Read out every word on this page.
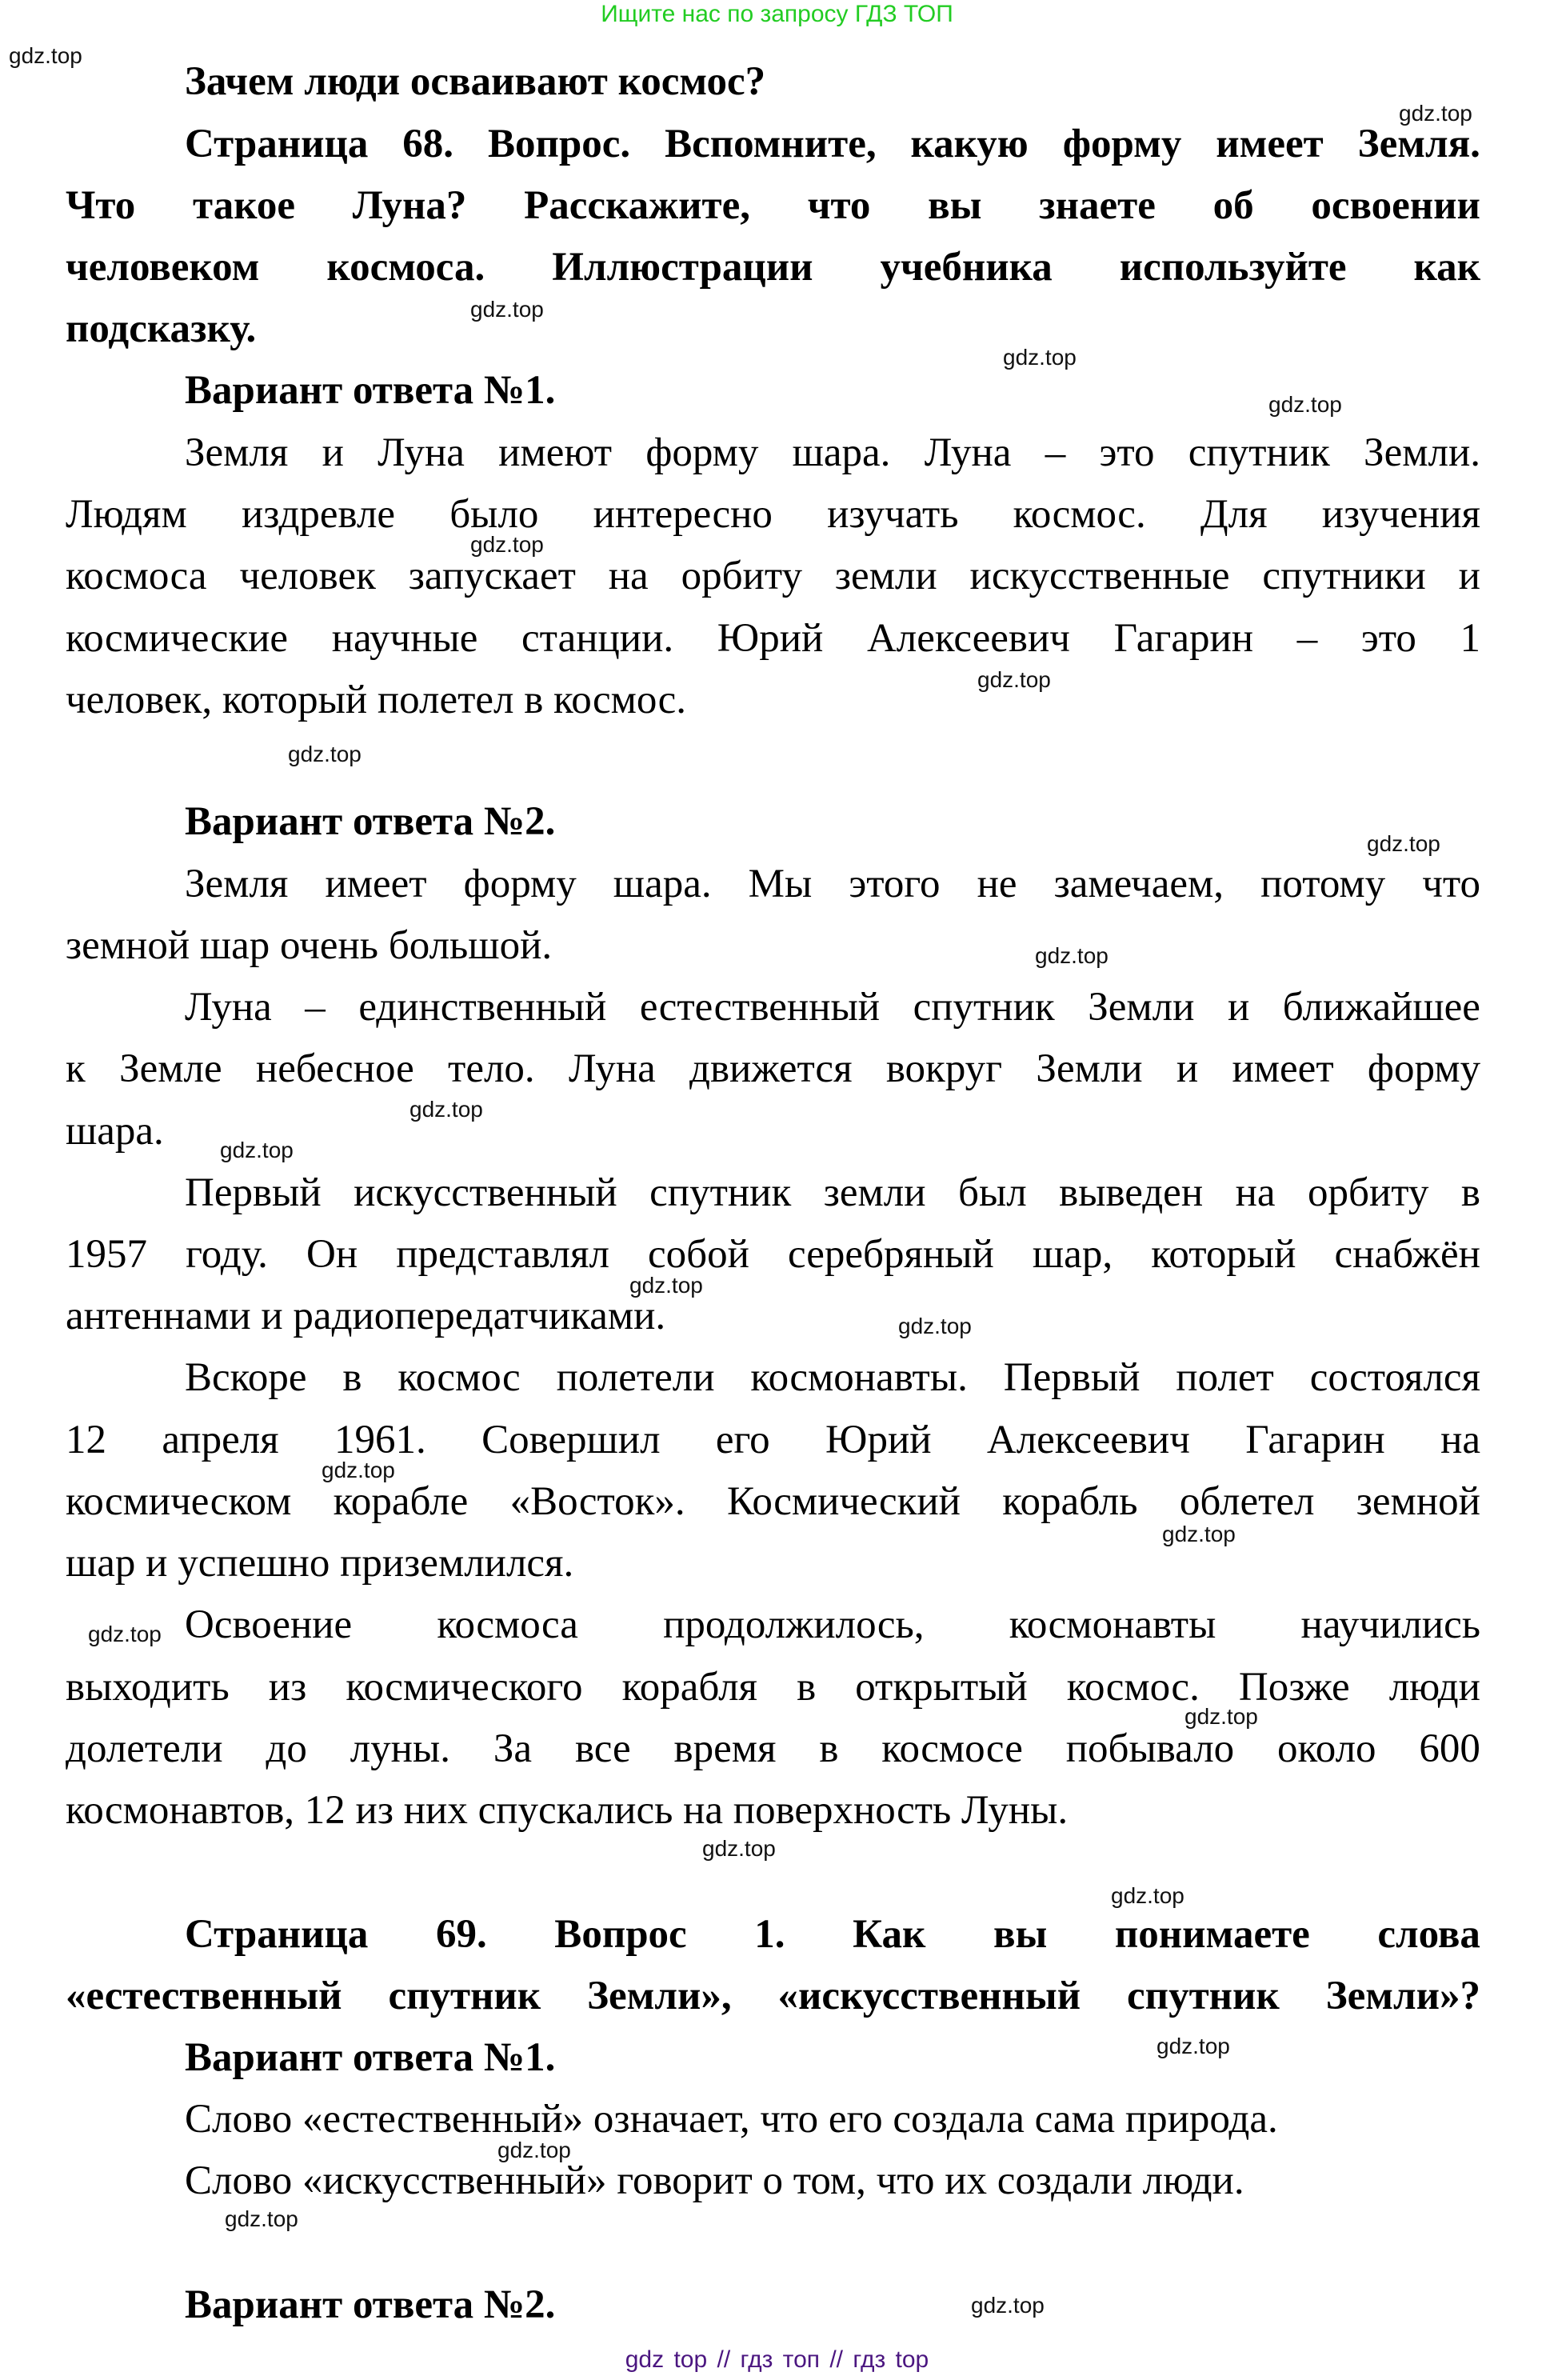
Ищите нас по запросу ГДЗ ТОП
Зачем люди осваивают космос?
Страница 68. Вопрос. Вспомните, какую форму имеет Земля.
Что такое Луна? Расскажите, что вы знаете об освоении
человеком космоса. Иллюстрации учебника используйте как
подсказку.
Вариант ответа №1.
Земля и Луна имеют форму шара. Луна – это спутник Земли.
Людям издревле было интересно изучать космос. Для изучения
космоса человек запускает на орбиту земли искусственные спутники и
космические научные станции. Юрий Алексеевич Гагарин – это 1
человек, который полетел в космос.
Вариант ответа №2.
Земля имеет форму шара. Мы этого не замечаем, потому что
земной шар очень большой.
Луна – единственный естественный спутник Земли и ближайшее
к Земле небесное тело. Луна движется вокруг Земли и имеет форму
шара.
Первый искусственный спутник земли был выведен на орбиту в
1957 году. Он представлял собой серебряный шар, который снабжён
антеннами и радиопередатчиками.
Вскоре в космос полетели космонавты. Первый полет состоялся
12 апреля 1961. Совершил его Юрий Алексеевич Гагарин на
космическом корабле «Восток». Космический корабль облетел земной
шар и успешно приземлился.
Освоение космоса продолжилось, космонавты научились
выходить из космического корабля в открытый космос. Позже люди
долетели до луны. За все время в космосе побывало около 600
космонавтов, 12 из них спускались на поверхность Луны.
Страница 69. Вопрос 1. Как вы понимаете слова
«естественный спутник Земли», «искусственный спутник Земли»?
Вариант ответа №1.
Слово «естественный» означает, что его создала сама природа.
Слово «искусственный» говорит о том, что их создали люди.
Вариант ответа №2.
gdz.top
gdz.top
gdz.top
gdz.top
gdz.top
gdz.top
gdz.top
gdz.top
gdz.top
gdz.top
gdz.top
gdz.top
gdz.top
gdz.top
gdz.top
gdz.top
gdz.top
gdz.top
gdz.top
gdz.top
gdz.top
gdz.top
gdz.top
gdz.top
gdz top // гдз топ // гдз top
